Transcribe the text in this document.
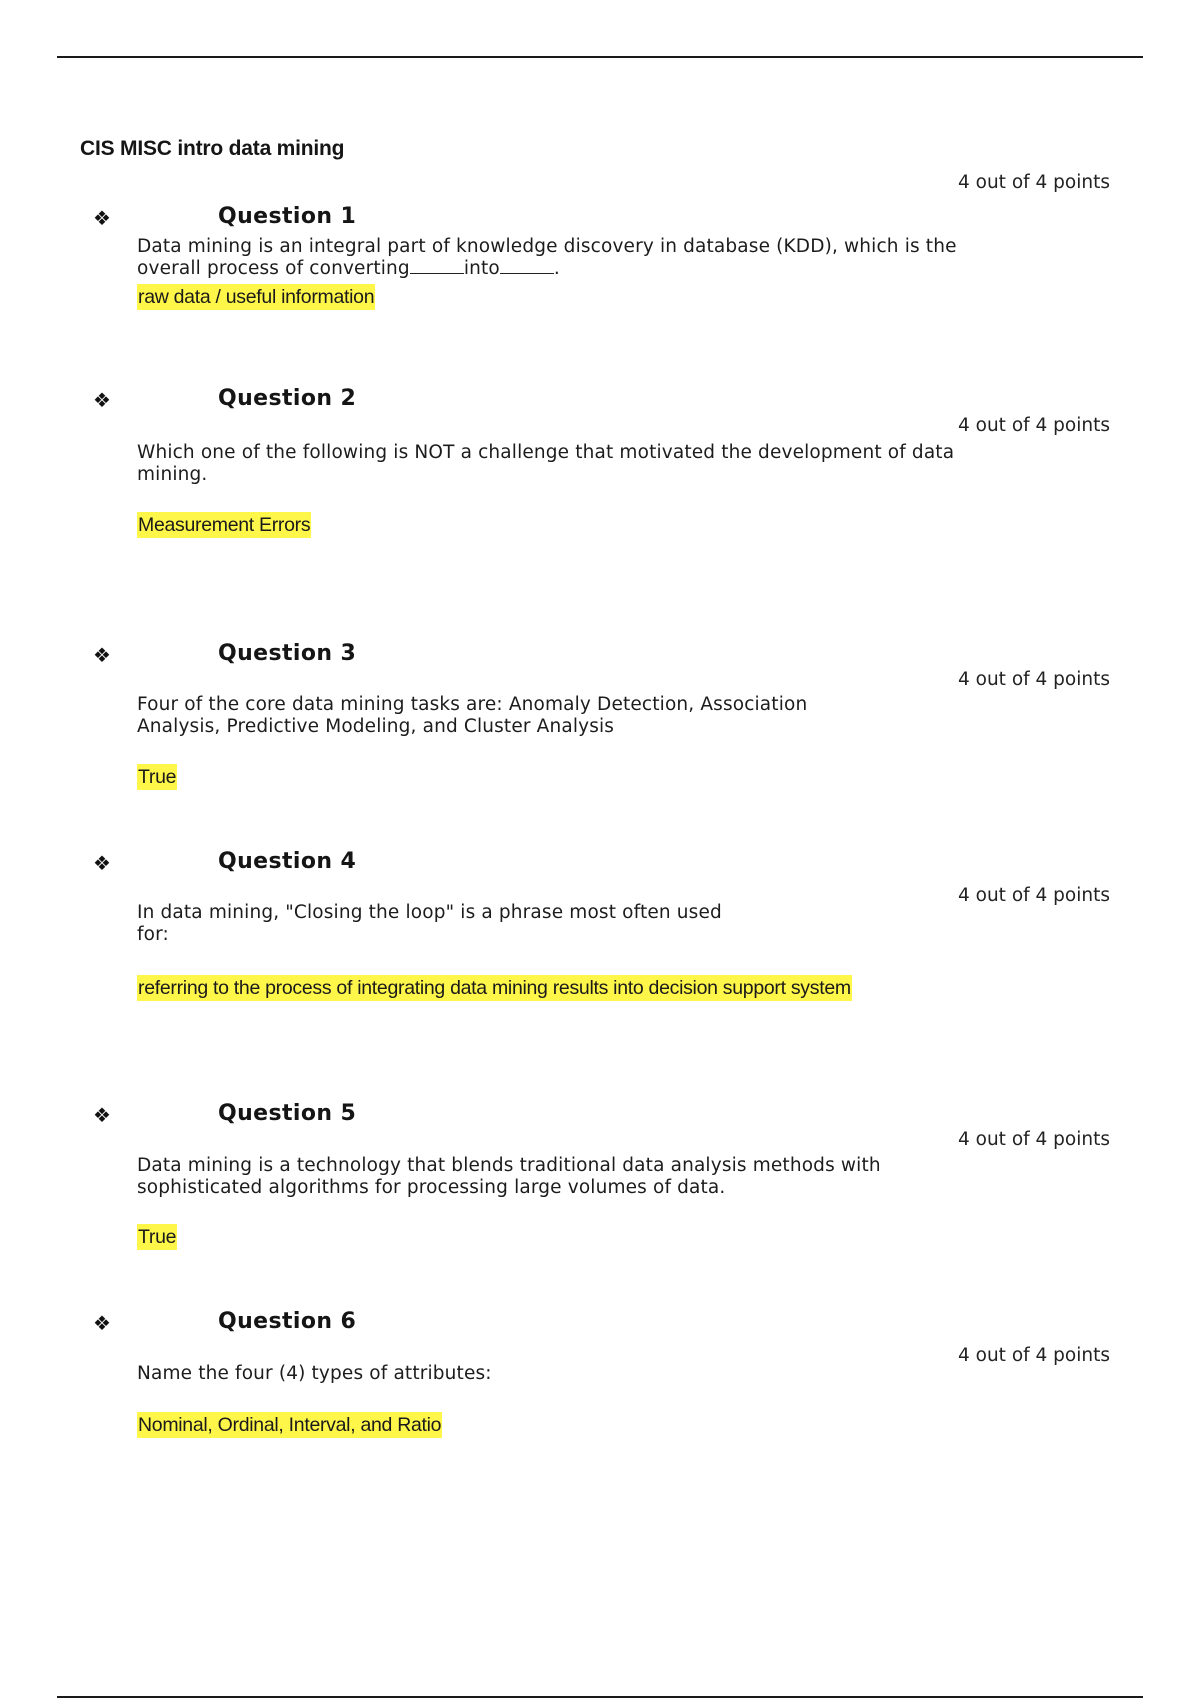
CIS MISC intro data mining
4 out of 4 points
❖	Question 1
Data mining is an integral part of knowledge discovery in database (KDD), which is the
overall process of converting	into	.
raw data / useful information
❖	Question 2
4 out of 4 points
Which one of the following is NOT a challenge that motivated the development of data
mining.
Measurement Errors
❖	Question 3
4 out of 4 points
Four of the core data mining tasks are: Anomaly Detection, Association
Analysis, Predictive Modeling, and Cluster Analysis
True
❖	Question 4
4 out of 4 points
In data mining, "Closing the loop" is a phrase most often used
for:
referring to the process of integrating data mining results into decision support system
❖	Question 5
4 out of 4 points
Data mining is a technology that blends traditional data analysis methods with
sophisticated algorithms for processing large volumes of data.
True
❖	Question 6
4 out of 4 points
Name the four (4) types of attributes:
Nominal, Ordinal, Interval, and Ratio
